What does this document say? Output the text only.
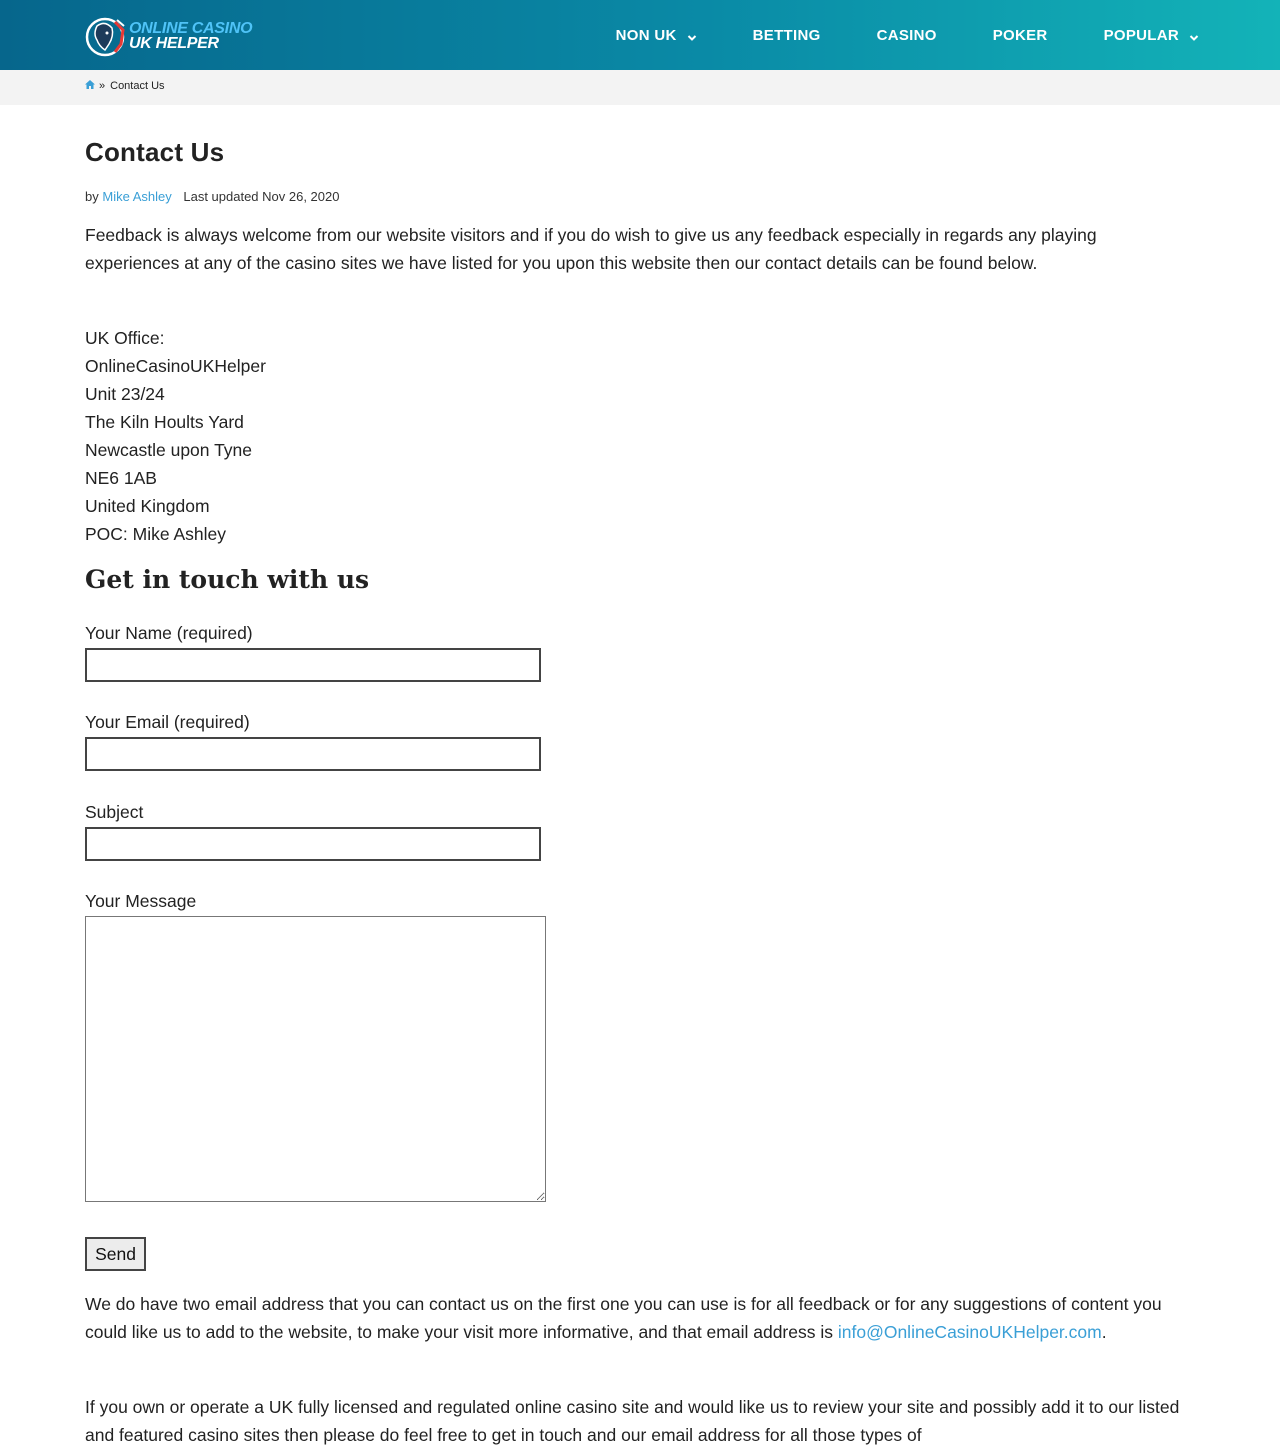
ONLINE CASINO
UK HELPER	NON UK	BETTING	CASINO	POKER	POPULAR
» Contact Us
Contact Us
by Mike Ashley Last updated Nov 26, 2020

Feedback is always welcome from our website visitors and if you do wish to give us any feedback especially in regards any playing experiences at any of the casino sites we have listed for you upon this website then our contact details can be found below.

UK Office:
OnlineCasinoUKHelper
Unit 23/24
The Kiln Hoults Yard
Newcastle upon Tyne
NE6 1AB
United Kingdom
POC: Mike Ashley
Get in touch with us
Your Name (required)
Your Email (required)
Subject
Your Message
Send

We do have two email address that you can contact us on the first one you can use is for all feedback or for any suggestions of content you could like us to add to the website, to make your visit more informative, and that email address is info@OnlineCasinoUKHelper.com.

If you own or operate a UK fully licensed and regulated online casino site and would like us to review your site and possibly add it to our listed and featured casino sites then please do feel free to get in touch and our email address for all those types of
